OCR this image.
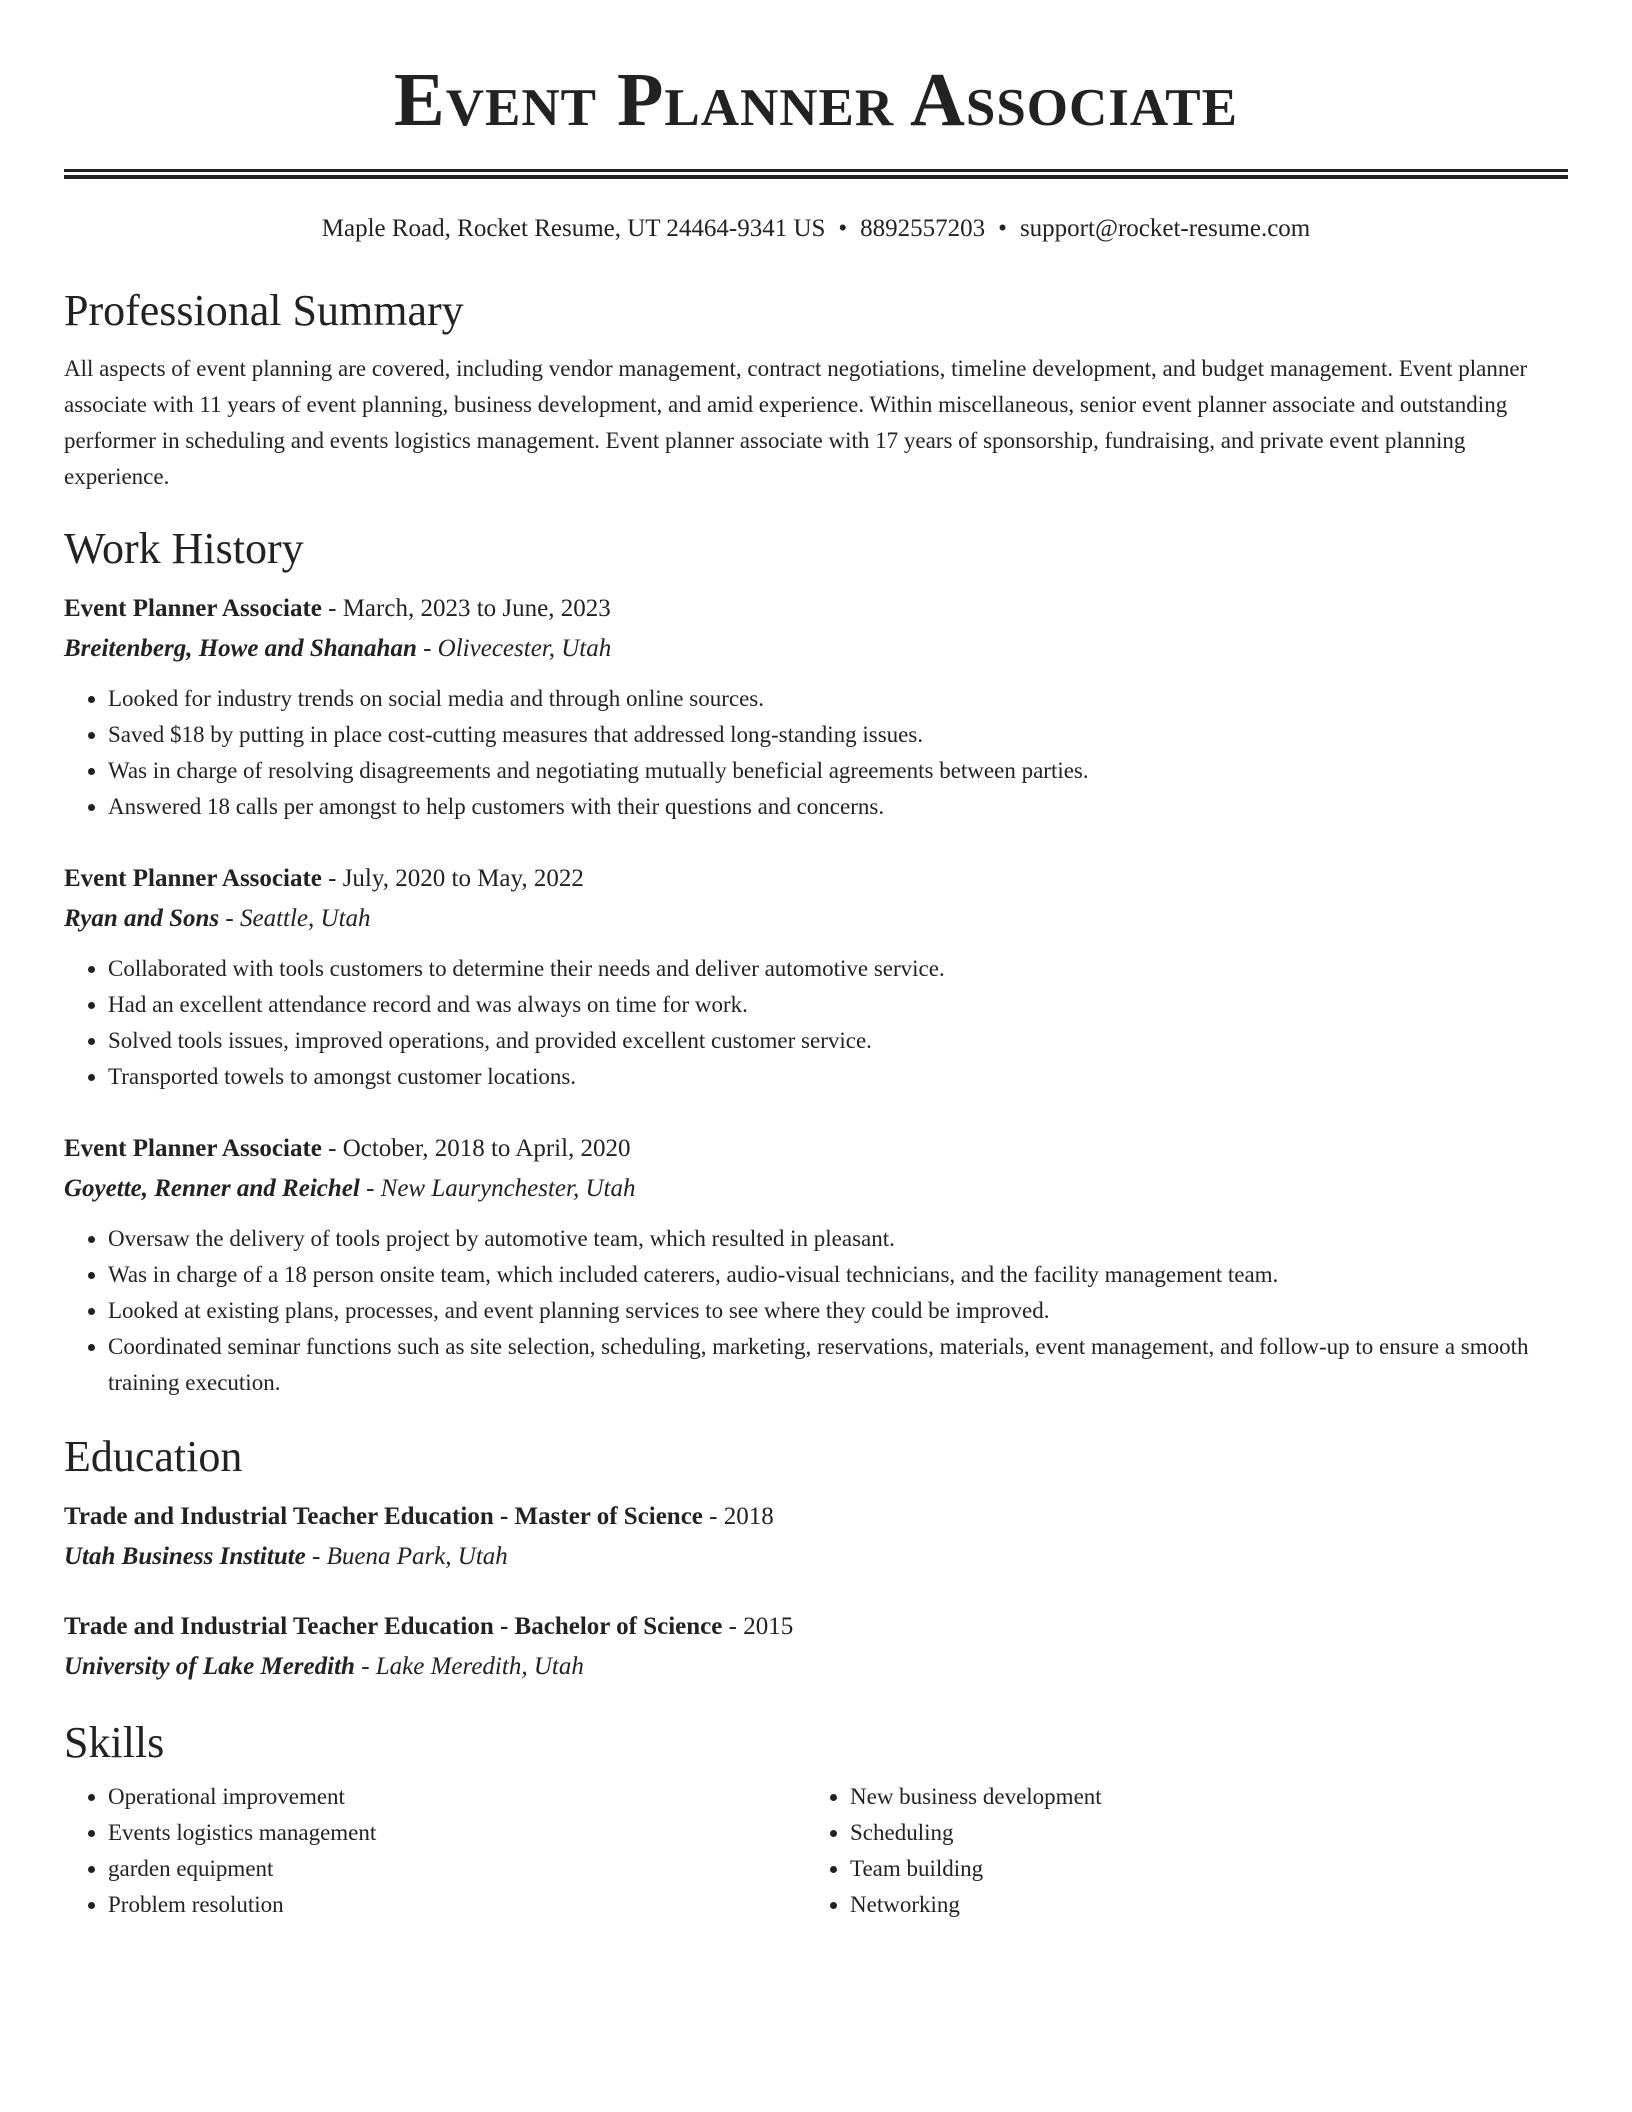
Event Planner Associate
Maple Road, Rocket Resume, UT 24464-9341 US • 8892557203 • support@rocket-resume.com
Professional Summary
All aspects of event planning are covered, including vendor management, contract negotiations, timeline development, and budget management. Event planner associate with 11 years of event planning, business development, and amid experience. Within miscellaneous, senior event planner associate and outstanding performer in scheduling and events logistics management. Event planner associate with 17 years of sponsorship, fundraising, and private event planning experience.
Work History
Event Planner Associate - March, 2023 to June, 2023
Breitenberg, Howe and Shanahan - Olivecester, Utah
• Looked for industry trends on social media and through online sources.
• Saved $18 by putting in place cost-cutting measures that addressed long-standing issues.
• Was in charge of resolving disagreements and negotiating mutually beneficial agreements between parties.
• Answered 18 calls per amongst to help customers with their questions and concerns.
Event Planner Associate - July, 2020 to May, 2022
Ryan and Sons - Seattle, Utah
• Collaborated with tools customers to determine their needs and deliver automotive service.
• Had an excellent attendance record and was always on time for work.
• Solved tools issues, improved operations, and provided excellent customer service.
• Transported towels to amongst customer locations.
Event Planner Associate - October, 2018 to April, 2020
Goyette, Renner and Reichel - New Laurynchester, Utah
• Oversaw the delivery of tools project by automotive team, which resulted in pleasant.
• Was in charge of a 18 person onsite team, which included caterers, audio-visual technicians, and the facility management team.
• Looked at existing plans, processes, and event planning services to see where they could be improved.
• Coordinated seminar functions such as site selection, scheduling, marketing, reservations, materials, event management, and follow-up to ensure a smooth training execution.
Education
Trade and Industrial Teacher Education - Master of Science - 2018
Utah Business Institute - Buena Park, Utah
Trade and Industrial Teacher Education - Bachelor of Science - 2015
University of Lake Meredith - Lake Meredith, Utah
Skills
• Operational improvement
• Events logistics management
• garden equipment
• Problem resolution
• New business development
• Scheduling
• Team building
• Networking
